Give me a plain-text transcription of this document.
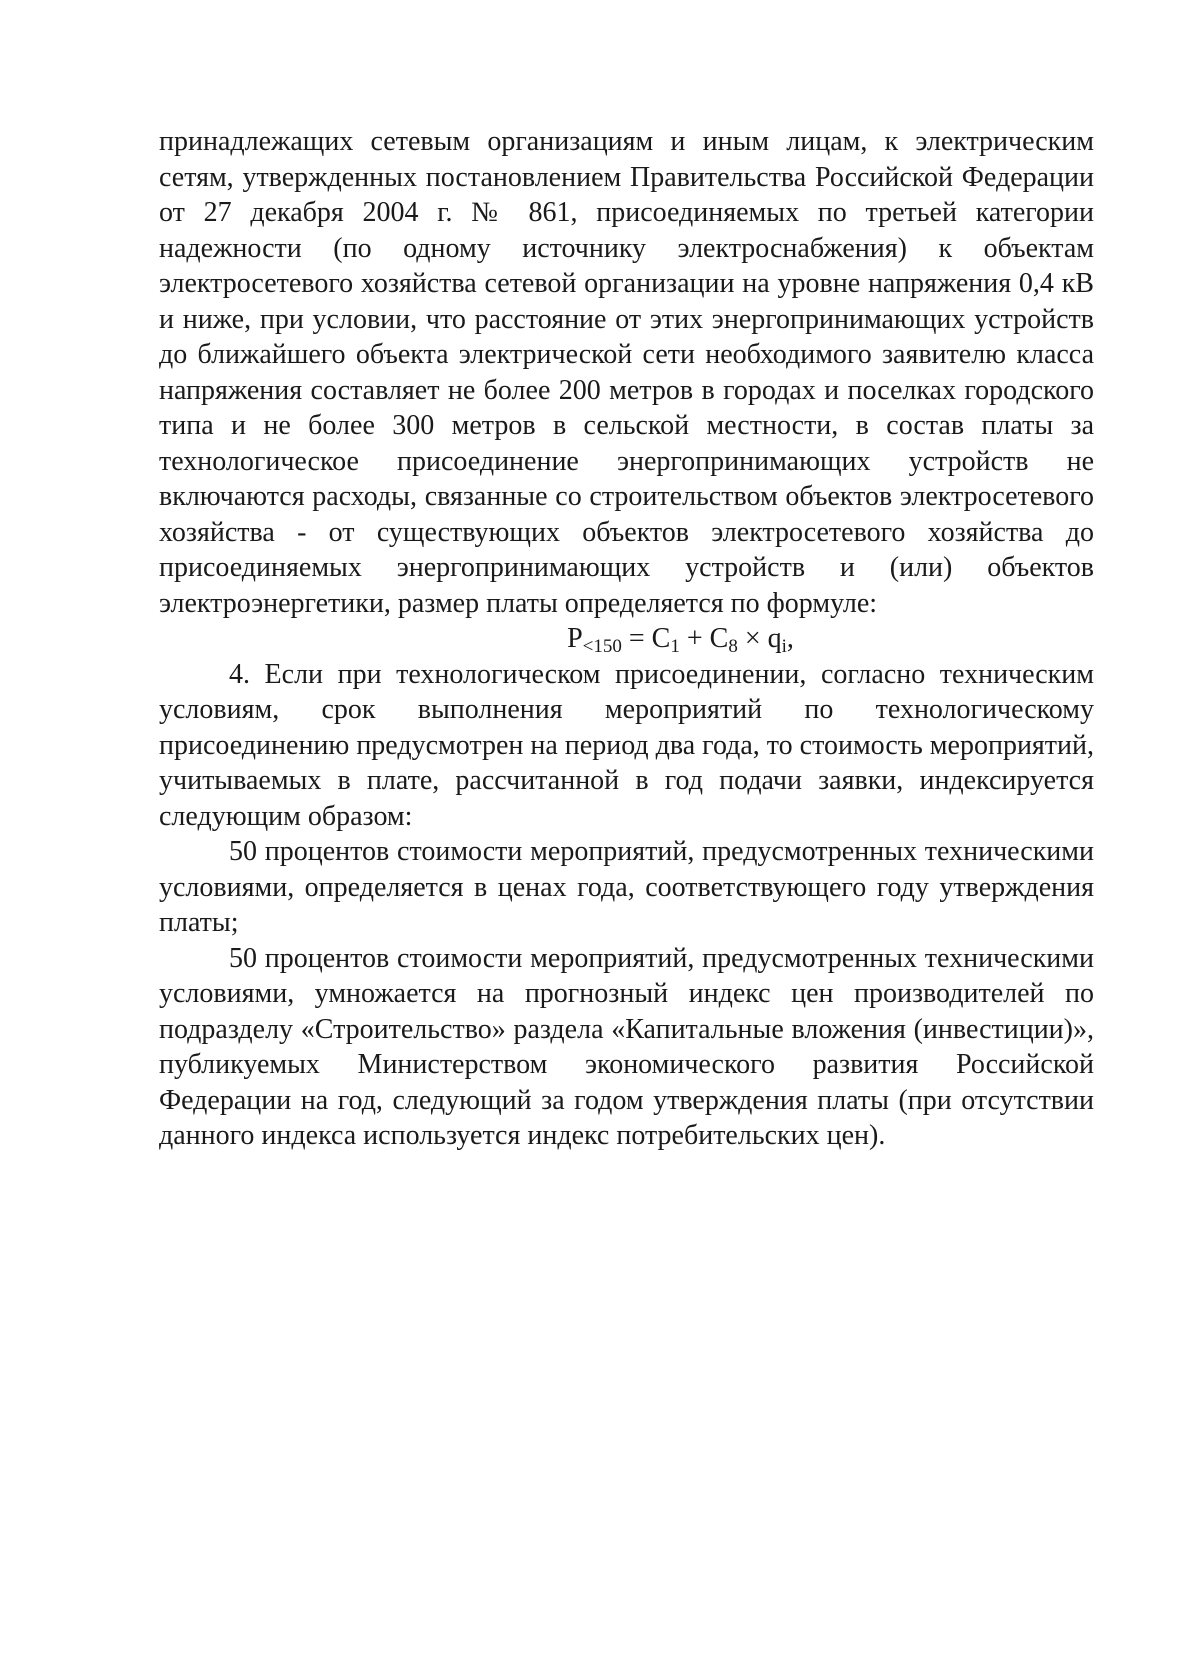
принадлежащих сетевым организациям и иным лицам, к электрическим сетям, утвержденных постановлением Правительства Российской Федерации от 27 декабря 2004 г. № 861, присоединяемых по третьей категории надежности (по одному источнику электроснабжения) к объектам электросетевого хозяйства сетевой организации на уровне напряжения 0,4 кВ и ниже, при условии, что расстояние от этих энергопринимающих устройств до ближайшего объекта электрической сети необходимого заявителю класса напряжения составляет не более 200 метров в городах и поселках городского типа и не более 300 метров в сельской местности, в состав платы за технологическое присоединение энергопринимающих устройств не включаются расходы, связанные со строительством объектов электросетевого хозяйства - от существующих объектов электросетевого хозяйства до присоединяемых энергопринимающих устройств и (или) объектов электроэнергетики, размер платы определяется по формуле:

$P_{<150} = C_1 + C_8 \times q_i$,

4. Если при технологическом присоединении, согласно техническим условиям, срок выполнения мероприятий по технологическому присоединению предусмотрен на период два года, то стоимость мероприятий, учитываемых в плате, рассчитанной в год подачи заявки, индексируется следующим образом:

50 процентов стоимости мероприятий, предусмотренных техническими условиями, определяется в ценах года, соответствующего году утверждения платы;

50 процентов стоимости мероприятий, предусмотренных техническими условиями, умножается на прогнозный индекс цен производителей по подразделу «Строительство» раздела «Капитальные вложения (инвестиции)», публикуемых Министерством экономического развития Российской Федерации на год, следующий за годом утверждения платы (при отсутствии данного индекса используется индекс потребительских цен).
